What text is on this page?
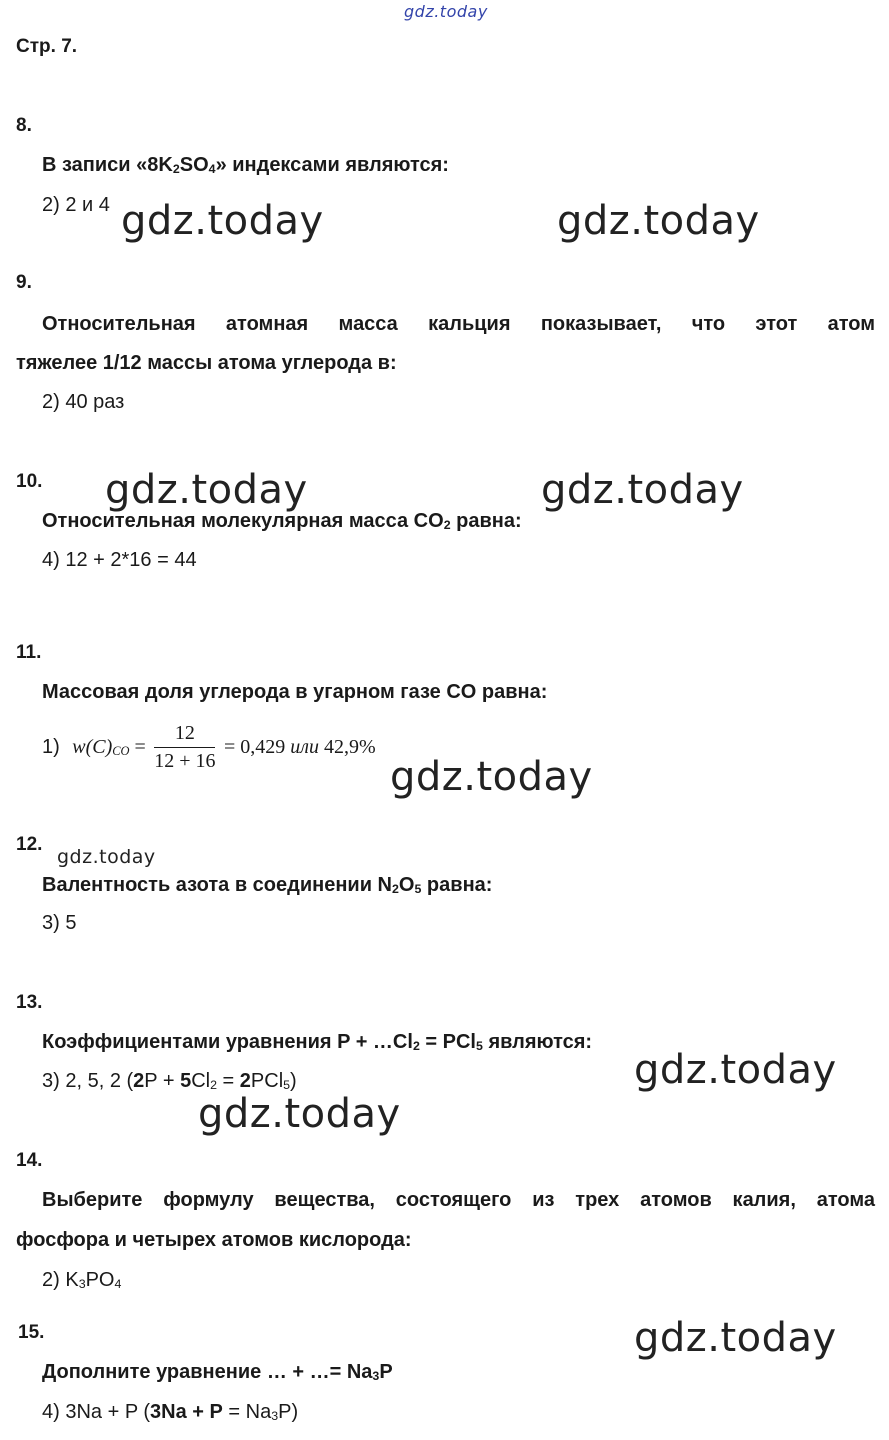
gdz.today
Стр. 7.
8.
В записи «$8K_2SO_4$» индексами являются:
2) 2 и 4 gdz.today	gdz.today
9.
Относительная атомная масса кальция показывает, что этот атом
тяжелее 1/12 массы атома углерода в:
2) 40 раз
10. gdz.today	gdz.today
Относительная молекулярная масса $CO_2$ равна:
4) 12 + 2*16 = 44
11.
Массовая доля углерода в угарном газе CO равна:
1) $w(C)_{CO} = \frac{12}{12 + 16} = 0,429$ или 42,9%
gdz.today
12.
gdz.today
Валентность азота в соединении $N_2O_5$ равна:
3) 5
13.
Коэффициентами уравнения $P + \dots Cl_2 = PCl_5$ являются:
3) 2, 5, 2 $(2P + 5Cl_2 = 2PCl_5)$	gdz.today
gdz.today
14.
Выберите формулу вещества, состоящего из трех атомов калия, атома
фосфора и четырех атомов кислорода:
2) $K_3PO_4$
15.	gdz.today
Дополните уравнение … + …= $Na_3P$
4) 3Na + P $(3Na + P = Na_3P)$
